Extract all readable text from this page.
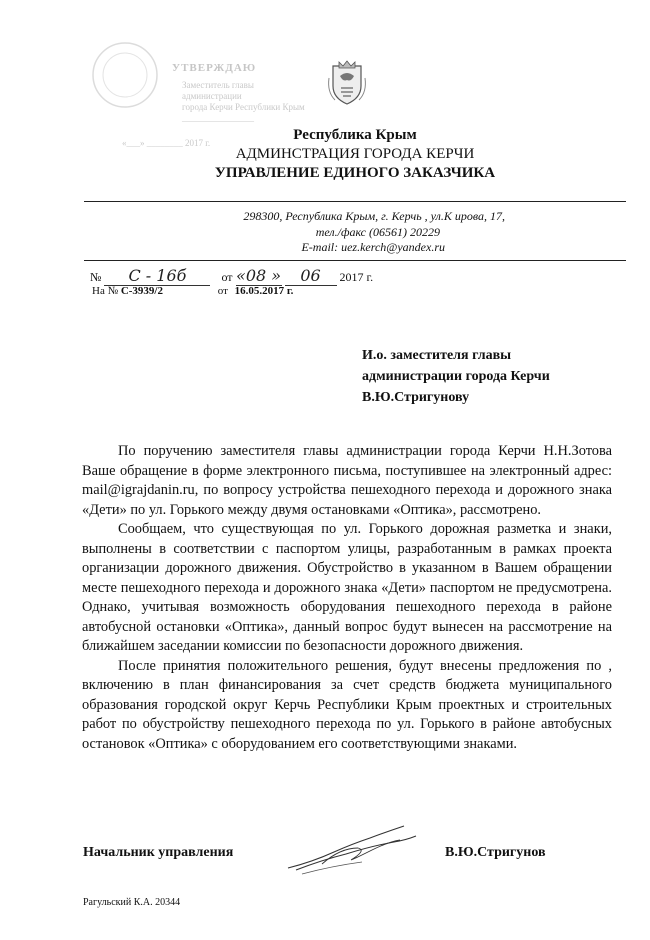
УТВЕРЖДАЮ
Заместитель главы администрации
города Керчи Республики Крым
________________
«___» ________ 2017 г.	Республика Крым
АДМИНСТРАЦИЯ ГОРОДА КЕРЧИ
УПРАВЛЕНИЕ ЕДИНОГО ЗАКАЗЧИКА
298300, Республика Крым, г. Керчь , ул.К ирова, 17,
тел./факс (06561) 20229
E-mail: uez.kerch@yandex.ru
№ С - 16б	от «08 » 06 2017 г.
На № С-3939/2	от 16.05.2017 г.
И.о. заместителя главы
администрации города Керчи
В.Ю.Стригунову

По поручению заместителя главы администрации города Керчи Н.Н.Зотова Ваше обращение в форме электронного письма, поступившее на электронный адрес: mail@igrajdanin.ru, по вопросу устройства пешеходного перехода и дорожного знака «Дети» по ул. Горького между двумя остановками «Оптика», рассмотрено.

Сообщаем, что существующая по ул. Горького дорожная разметка и знаки, выполнены в соответствии с паспортом улицы, разработанным в рамках проекта организации дорожного движения. Обустройство в указанном в Вашем обращении месте пешеходного перехода и дорожного знака «Дети» паспортом не предусмотрена. Однако, учитывая возможность оборудования пешеходного перехода в районе автобусной остановки «Оптика», данный вопрос будут вынесен на рассмотрение на ближайшем заседании комиссии по безопасности дорожного движения.

После принятия положительного решения, будут внесены предложения по , включению в план финансирования за счет средств бюджета муниципального образования городской округ Керчь Республики Крым проектных и строительных работ по обустройству пешеходного перехода по ул. Горького в районе автобусных остановок «Оптика» с оборудованием его соответствующими знаками.

Начальник управления	В.Ю.Стригунов
Рагульский К.А. 20344
